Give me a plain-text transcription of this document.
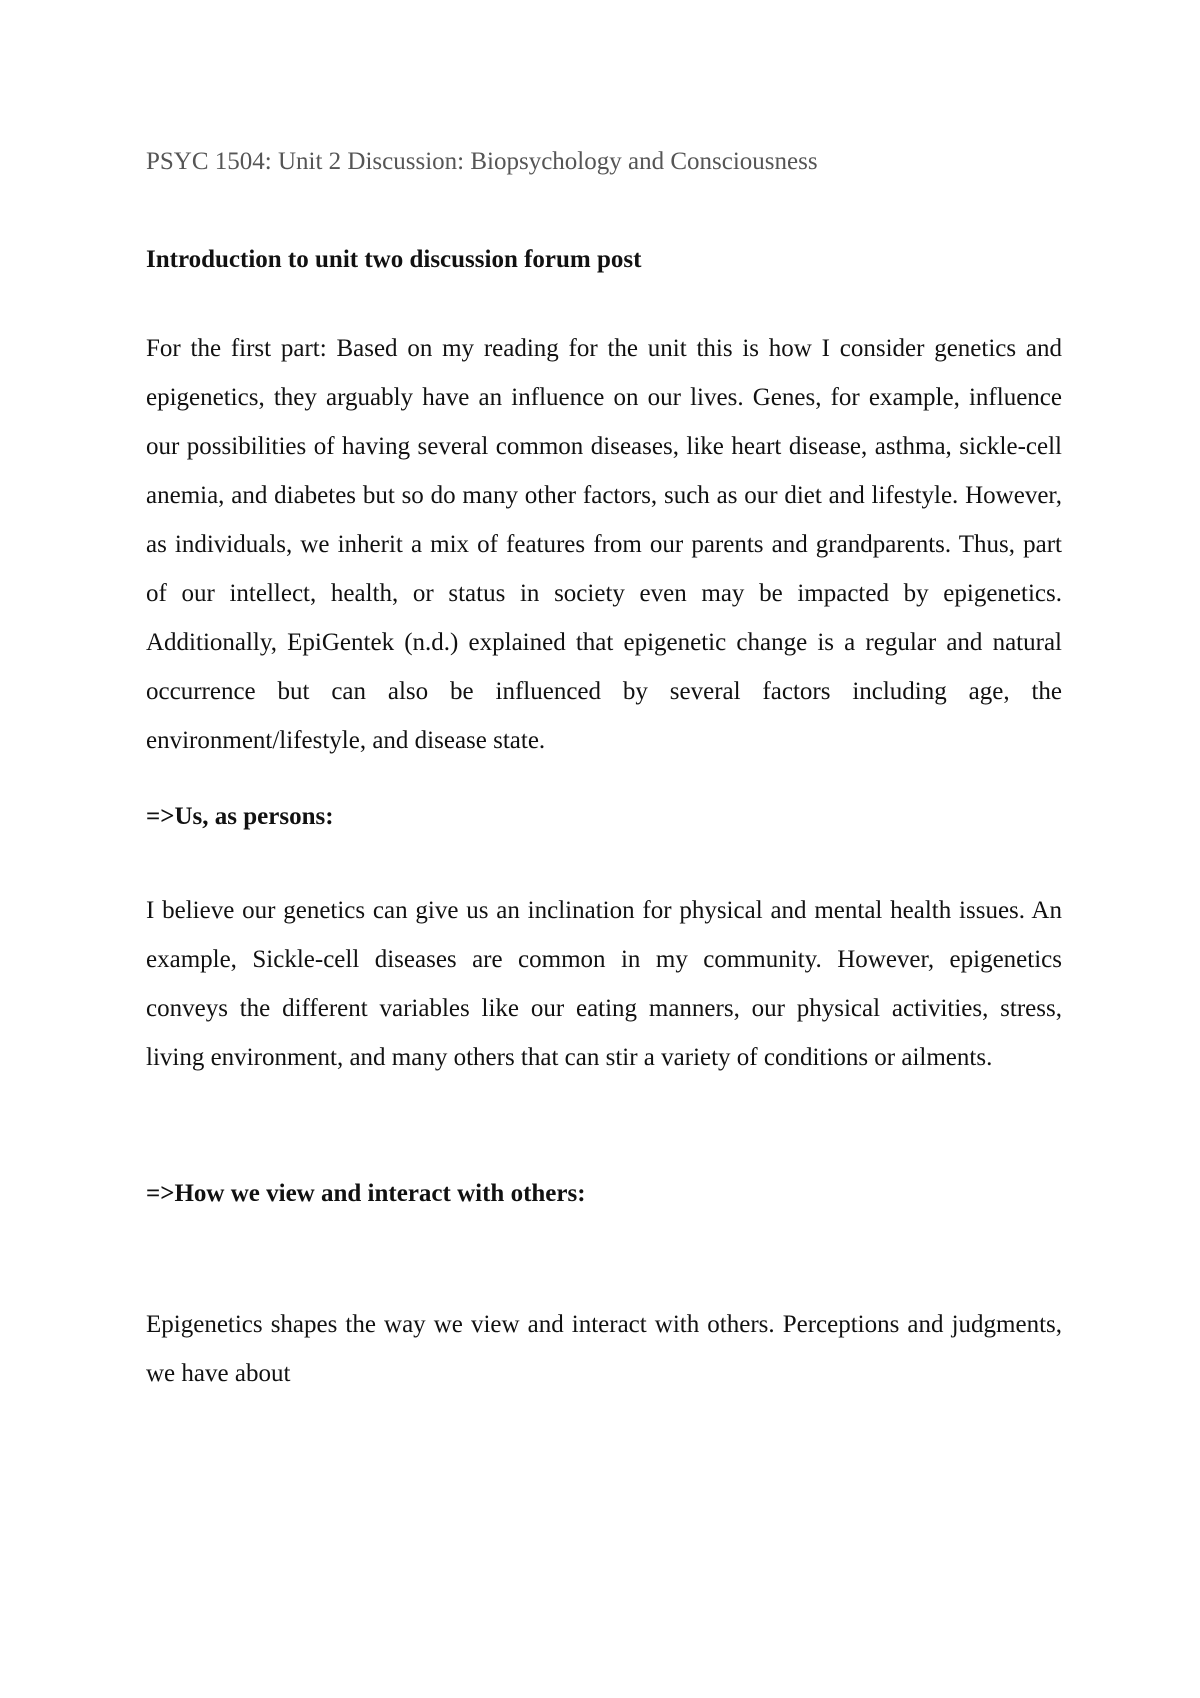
PSYC 1504: Unit 2 Discussion: Biopsychology and Consciousness

Introduction to unit two discussion forum post

For the first part: Based on my reading for the unit this is how I consider genetics and epigenetics, they arguably have an influence on our lives. Genes, for example, influence our possibilities of having several common diseases, like heart disease, asthma, sickle-cell anemia, and diabetes but so do many other factors, such as our diet and lifestyle. However, as individuals, we inherit a mix of features from our parents and grandparents. Thus, part of our intellect, health, or status in society even may be impacted by epigenetics. Additionally, EpiGentek (n.d.) explained that epigenetic change is a regular and natural occurrence but can also be influenced by several factors including age, the environment/lifestyle, and disease state.

=>Us, as persons:

I believe our genetics can give us an inclination for physical and mental health issues. An example, Sickle-cell diseases are common in my community. However, epigenetics conveys the different variables like our eating manners, our physical activities, stress, living environment, and many others that can stir a variety of conditions or ailments.

=>How we view and interact with others:

Epigenetics shapes the way we view and interact with others. Perceptions and judgments, we have about
